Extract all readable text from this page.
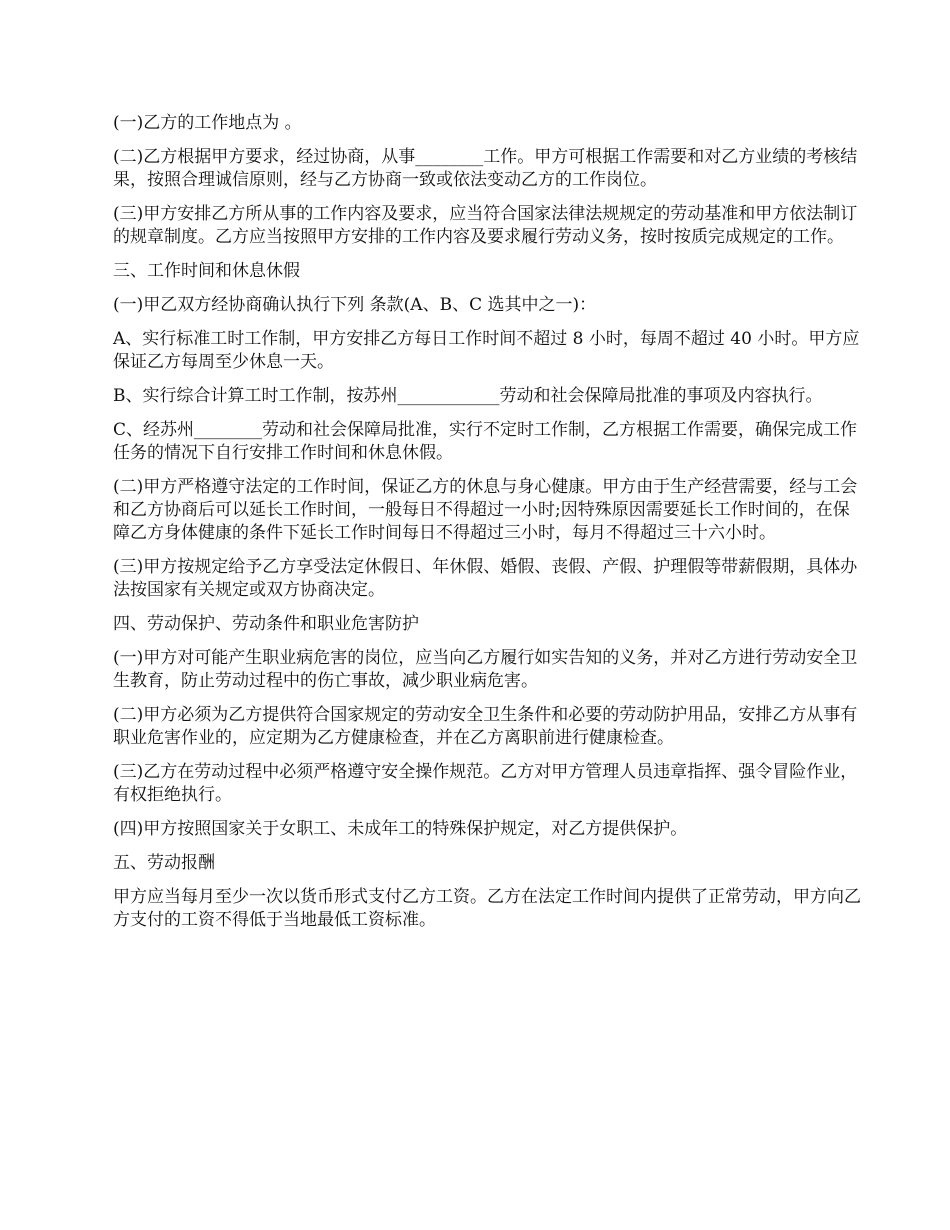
(一)乙方的工作地点为 。

(二)乙方根据甲方要求，经过协商，从事________工作。甲方可根据工作需要和对乙方业绩的考核结果，按照合理诚信原则，经与乙方协商一致或依法变动乙方的工作岗位。

(三)甲方安排乙方所从事的工作内容及要求，应当符合国家法律法规规定的劳动基准和甲方依法制订的规章制度。乙方应当按照甲方安排的工作内容及要求履行劳动义务，按时按质完成规定的工作。

三、工作时间和休息休假

(一)甲乙双方经协商确认执行下列 条款(A、B、C 选其中之一)：

A、实行标准工时工作制，甲方安排乙方每日工作时间不超过 8 小时，每周不超过 40 小时。甲方应保证乙方每周至少休息一天。

B、实行综合计算工时工作制，按苏州____________劳动和社会保障局批准的事项及内容执行。

C、经苏州________劳动和社会保障局批准，实行不定时工作制，乙方根据工作需要，确保完成工作任务的情况下自行安排工作时间和休息休假。

(二)甲方严格遵守法定的工作时间，保证乙方的休息与身心健康。甲方由于生产经营需要，经与工会和乙方协商后可以延长工作时间，一般每日不得超过一小时;因特殊原因需要延长工作时间的，在保障乙方身体健康的条件下延长工作时间每日不得超过三小时，每月不得超过三十六小时。

(三)甲方按规定给予乙方享受法定休假日、年休假、婚假、丧假、产假、护理假等带薪假期，具体办法按国家有关规定或双方协商决定。

四、劳动保护、劳动条件和职业危害防护

(一)甲方对可能产生职业病危害的岗位，应当向乙方履行如实告知的义务，并对乙方进行劳动安全卫生教育，防止劳动过程中的伤亡事故，减少职业病危害。

(二)甲方必须为乙方提供符合国家规定的劳动安全卫生条件和必要的劳动防护用品，安排乙方从事有职业危害作业的，应定期为乙方健康检查，并在乙方离职前进行健康检查。

(三)乙方在劳动过程中必须严格遵守安全操作规范。乙方对甲方管理人员违章指挥、强令冒险作业，有权拒绝执行。

(四)甲方按照国家关于女职工、未成年工的特殊保护规定，对乙方提供保护。

五、劳动报酬

甲方应当每月至少一次以货币形式支付乙方工资。乙方在法定工作时间内提供了正常劳动，甲方向乙方支付的工资不得低于当地最低工资标准。
